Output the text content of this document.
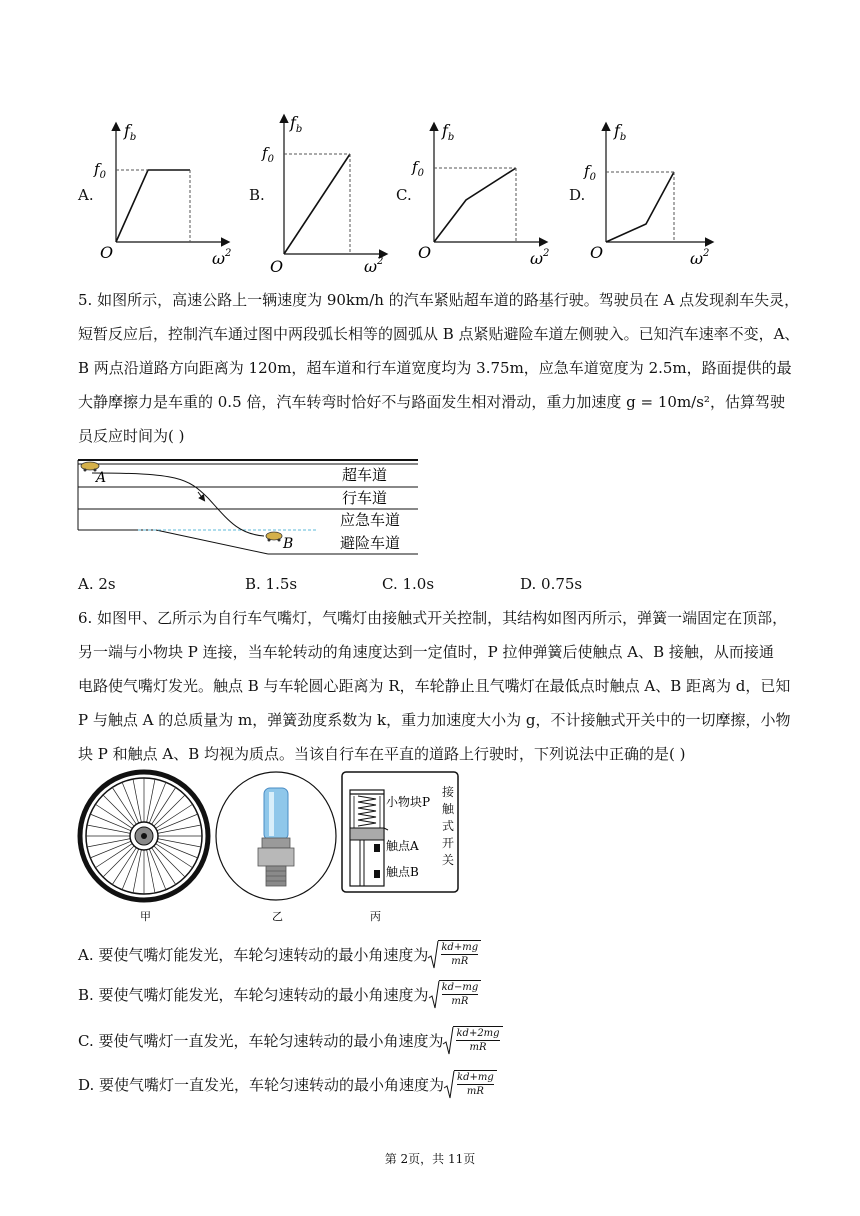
A.
$f_b$
$f_0$
O	$\omega^2$
B.
$f_b$
$f_0$
O	$\omega^2$
C.
$f_b$
$f_0$
O	$\omega^2$
D.
$f_b$
$f_0$
O	$\omega^2$
5. 如图所示，高速公路上一辆速度为 90km/h 的汽车紧贴超车道的路基行驶。驾驶员在 A 点发现刹车失灵，
短暂反应后，控制汽车通过图中两段弧长相等的圆弧从 B 点紧贴避险车道左侧驶入。已知汽车速率不变，A、
B 两点沿道路方向距离为 120m，超车道和行车道宽度均为 3.75m，应急车道宽度为 2.5m，路面提供的最
大静摩擦力是车重的 0.5 倍，汽车转弯时恰好不与路面发生相对滑动，重力加速度 g = 10m/s²，估算驾驶
员反应时间为( )
A
B
超车道
行车道
应急车道
避险车道
A. 2s	B. 1.5s	C. 1.0s	D. 0.75s
6. 如图甲、乙所示为自行车气嘴灯，气嘴灯由接触式开关控制，其结构如图丙所示，弹簧一端固定在顶部，
另一端与小物块 P 连接，当车轮转动的角速度达到一定值时，P 拉伸弹簧后使触点 A、B 接触，从而接通
电路使气嘴灯发光。触点 B 与车轮圆心距离为 R，车轮静止且气嘴灯在最低点时触点 A、B 距离为 d，已知
P 与触点 A 的总质量为 m，弹簧劲度系数为 k，重力加速度大小为 g，不计接触式开关中的一切摩擦，小物
块 P 和触点 A、B 均视为质点。当该自行车在平直的道路上行驶时，下列说法中正确的是( )
甲	乙
小物块P
触点A
触点B
丙
接触式开关
A. 要使气嘴灯能发光，车轮匀速转动的最小角速度为 $\frac{kd+mg}{mR}$
B. 要使气嘴灯能发光，车轮匀速转动的最小角速度为 $\frac{kd-mg}{mR}$
C. 要使气嘴灯一直发光，车轮匀速转动的最小角速度为 $\frac{kd+2mg}{mR}$
D. 要使气嘴灯一直发光，车轮匀速转动的最小角速度为 $\frac{kd+mg}{mR}$
第 2页，共 11页
